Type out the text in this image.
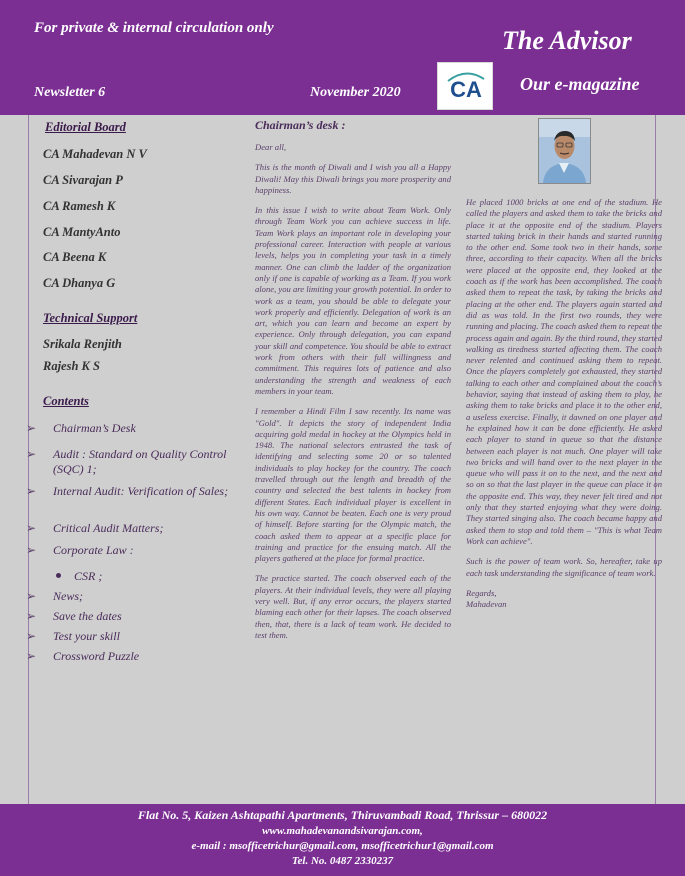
For private & internal circulation only	The Advisor
Our e-magazine
Newsletter 6	November 2020 CA
Editorial Board
CA Mahadevan N V
CA Sivarajan P
CA Ramesh K
CA MantyAnto
CA Beena K
CA Dhanya G
Technical Support
Srikala Renjith
Rajesh K S
Contents
➢	Chairman’s Desk
➢	Audit : Standard on Quality Control (SQC) 1;
➢	Internal Audit: Verification of Sales;
➢	Critical Audit Matters;
➢	Corporate Law :
CSR ;
➢	News;
➢	Save the dates
➢	Test your skill
➢	Crossword Puzzle
Chairman’s desk :

Dear all,

This is the month of Diwali and I wish you all a Happy Diwali! May this Diwali brings you more prosperity and happiness.

In this issue I wish to write about Team Work. Only through Team Work you can achieve success in life. Team Work plays an important role in developing your professional career. Interaction with people at various levels, helps you in completing your task in a timely manner. One can climb the ladder of the organization only if one is capable of working as a Team. If you work alone, you are limiting your growth potential. In order to work as a team, you should be able to delegate your work properly and efficiently. Delegation of work is an art, which you can learn and become an expert by experience. Only through delegation, you can expand your skill and competence. You should be able to extract work from others with their full willingness and commitment. This requires lots of patience and also understanding the strength and weakness of each members in your team.

I remember a Hindi Film I saw recently. Its name was "Gold". It depicts the story of independent India acquiring gold medal in hockey at the Olympics held in 1948. The national selectors entrusted the task of identifying and selecting some 20 or so talented individuals to play hockey for the country. The coach travelled through out the length and breadth of the country and selected the best talents in hockey from different States. Each individual player is excellent in his own way. Cannot be beaten. Each one is very proud of himself. Before starting for the Olympic match, the coach asked them to appear at a specific place for training and practice for the ensuing match. All the players gathered at the place for formal practice.

The practice started. The coach observed each of the players. At their individual levels, they were all playing very well. But, if any error occurs, the players started blaming each other for their lapses. The coach observed then, that, there is a lack of team work. He decided to test them.

He placed 1000 bricks at one end of the stadium. He called the players and asked them to take the bricks and place it at the opposite end of the stadium. Players started taking brick in their hands and started running to the other end. Some took two in their hands, some three, according to their capacity. When all the bricks were placed at the opposite end, they looked at the coach as if the work has been accomplished. The coach asked them to repeat the task, by taking the bricks and placing at the other end. The players again started and did as was told. In the first two rounds, they were running and placing. The coach asked them to repeat the process again and again. By the third round, they started walking as tiredness started affecting them. The coach never relented and continued asking them to repeat. Once the players completely got exhausted, they started talking to each other and complained about the coach’s behavior, saying that instead of asking them to play, he asking them to take bricks and place it to the other end, a useless exercise. Finally, it dawned on one player and he explained how it can be done efficiently. He asked each player to stand in queue so that the distance between each player is not much. One player will take two bricks and will hand over to the next player in the queue who will pass it on to the next, and the next and so on so that the last player in the queue can place it on the opposite end. This way, they never felt tired and not only that they started enjoying what they were doing. They started singing also. The coach became happy and asked them to stop and told them – "This is what Team Work can achieve".

Such is the power of team work. So, hereafter, take up each task understanding the significance of team work.

Regards,

Mahadevan

Flat No. 5, Kaizen Ashtapathi Apartments, Thiruvambadi Road, Thrissur – 680022
www.mahadevanandsivarajan.com,
e-mail : msofficetrichur@gmail.com, msofficetrichur1@gmail.com
Tel. No. 0487 2330237
